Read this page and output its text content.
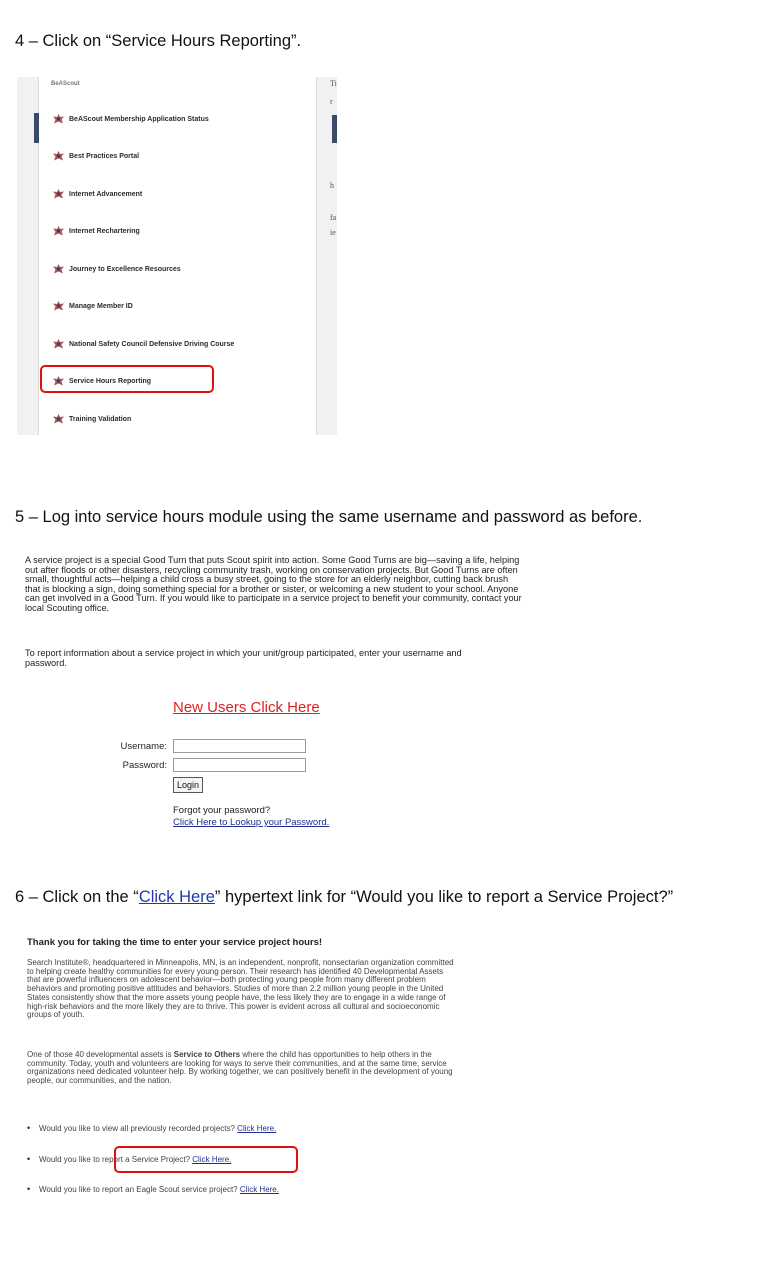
4 – Click on “Service Hours Reporting”.
BeAScout	Ti
r
h
fa
ie
BeAScout Membership Application Status
Best Practices Portal
Internet Advancement
Internet Rechartering
Journey to Excellence Resources
Manage Member ID
National Safety Council Defensive Driving Course
Service Hours Reporting
Training Validation
5 – Log into service hours module using the same username and password as before.

A service project is a special Good Turn that puts Scout spirit into action. Some Good Turns are big—saving a life, helping out after floods or other disasters, recycling community trash, working on conservation projects. But Good Turns are often small, thoughtful acts—helping a child cross a busy street, going to the store for an elderly neighbor, cutting back brush that is blocking a sign, doing something special for a brother or sister, or welcoming a new student to your school. Anyone can get involved in a Good Turn. If you would like to participate in a service project to benefit your community, contact your local Scouting office.

To report information about a service project in which your unit/group participated, enter your username and password.

New Users Click Here
Username:
Password:
Login
Forgot your password?
Click Here to Lookup your Password.
6 – Click on the “Click Here” hypertext link for “Would you like to report a Service Project?”
Thank you for taking the time to enter your service project hours!

Search Institute®, headquartered in Minneapolis, MN, is an independent, nonprofit, nonsectarian organization committed to helping create healthy communities for every young person. Their research has identified 40 Developmental Assets that are powerful influencers on adolescent behavior—both protecting young people from many different problem behaviors and promoting positive attitudes and behaviors. Studies of more than 2.2 million young people in the United States consistently show that the more assets young people have, the less likely they are to engage in a wide range of high-risk behaviors and the more likely they are to thrive. This power is evident across all cultural and socioeconomic groups of youth.

One of those 40 developmental assets is Service to Others where the child has opportunities to help others in the community. Today, youth and volunteers are looking for ways to serve their communities, and at the same time, service organizations need dedicated volunteer help. By working together, we can positively benefit in the development of young people, our communities, and the nation.

• Would you like to view all previously recorded projects? Click Here.
• Would you like to report a Service Project? Click Here.
• Would you like to report an Eagle Scout service project? Click Here.
